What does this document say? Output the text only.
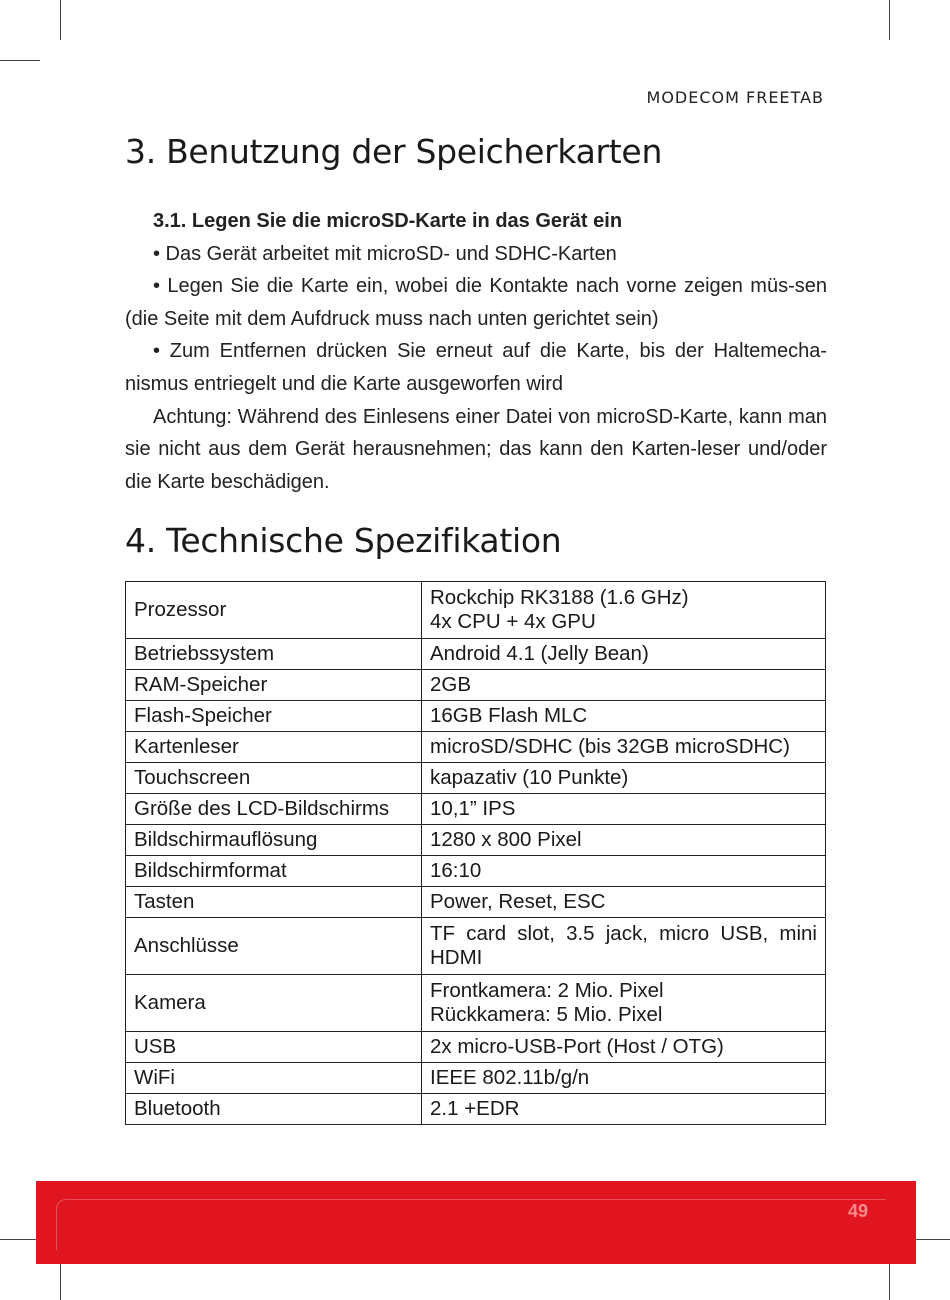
MODECOM FREETAB
3. Benutzung der Speicherkarten

3.1. Legen Sie die microSD-Karte in das Gerät ein

• Das Gerät arbeitet mit microSD- und SDHC-Karten

• Legen Sie die Karte ein, wobei die Kontakte nach vorne zeigen müs-sen (die Seite mit dem Aufdruck muss nach unten gerichtet sein)

• Zum Entfernen drücken Sie erneut auf die Karte, bis der Haltemecha-nismus entriegelt und die Karte ausgeworfen wird

Achtung: Während des Einlesens einer Datei von microSD-Karte, kann man sie nicht aus dem Gerät herausnehmen; das kann den Karten-leser und/oder die Karte beschädigen.

4. Technische Spezifikation
Prozessor	Rockchip RK3188 (1.6 GHz)
4x CPU + 4x GPU

Betriebssystem	Android 4.1 (Jelly Bean)
RAM-Speicher	2GB
Flash-Speicher	16GB Flash MLC
Kartenleser	microSD/SDHC (bis 32GB microSDHC)
Touchscreen	kapazativ (10 Punkte)
Größe des LCD-Bildschirms	10,1” IPS
Bildschirmauflösung	1280 x 800 Pixel
Bildschirmformat	16:10
Tasten	Power, Reset, ESC
Anschlüsse	TF card slot, 3.5 jack, micro USB, mini HDMI
Kamera	Frontkamera: 2 Mio. Pixel
Rückkamera: 5 Mio. Pixel

USB	2x micro-USB-Port (Host / OTG)
WiFi	IEEE 802.11b/g/n
Bluetooth	2.1 +EDR
49
